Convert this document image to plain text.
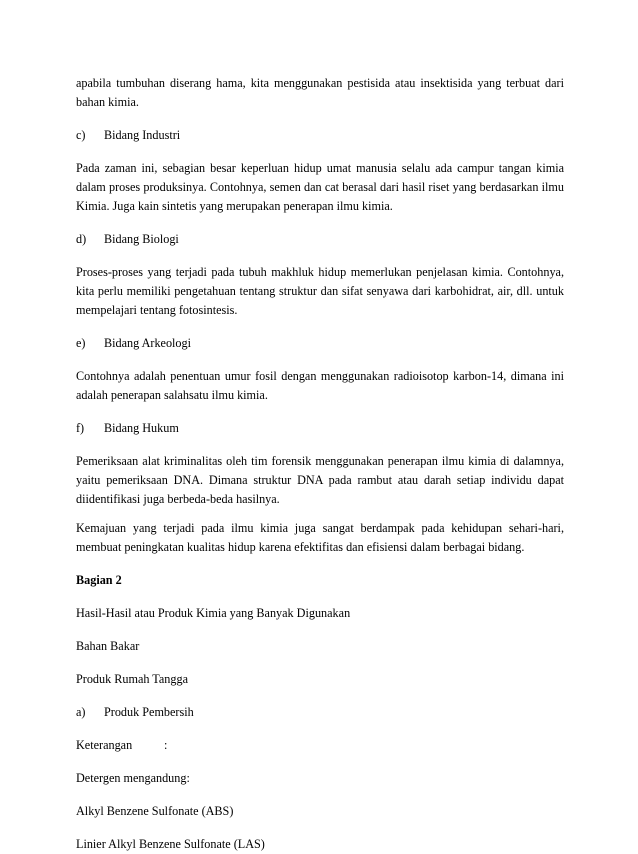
apabila tumbuhan diserang hama, kita menggunakan pestisida atau insektisida yang terbuat dari bahan kimia.

c)	Bidang Industri

Pada zaman ini, sebagian besar keperluan hidup umat manusia selalu ada campur tangan kimia dalam proses produksinya. Contohnya, semen dan cat berasal dari hasil riset yang berdasarkan ilmu Kimia. Juga kain sintetis yang merupakan penerapan ilmu kimia.

d)	Bidang Biologi

Proses-proses yang terjadi pada tubuh makhluk hidup memerlukan penjelasan kimia. Contohnya, kita perlu memiliki pengetahuan tentang struktur dan sifat senyawa dari karbohidrat, air, dll. untuk mempelajari tentang fotosintesis.

e)	Bidang Arkeologi

Contohnya adalah penentuan umur fosil dengan menggunakan radioisotop karbon-14, dimana ini adalah penerapan salahsatu ilmu kimia.

f)	Bidang Hukum

Pemeriksaan alat kriminalitas oleh tim forensik menggunakan penerapan ilmu kimia di dalamnya, yaitu pemeriksaan DNA. Dimana struktur DNA pada rambut atau darah setiap individu dapat diidentifikasi juga berbeda-beda hasilnya.

Kemajuan yang terjadi pada ilmu kimia juga sangat berdampak pada kehidupan sehari-hari, membuat peningkatan kualitas hidup karena efektifitas dan efisiensi dalam berbagai bidang.

Bagian 2

Hasil-Hasil atau Produk Kimia yang Banyak Digunakan

Bahan Bakar

Produk Rumah Tangga

a)	Produk Pembersih

Keterangan	:

Detergen mengandung:

Alkyl Benzene Sulfonate (ABS)

Linier Alkyl Benzene Sulfonate (LAS)
